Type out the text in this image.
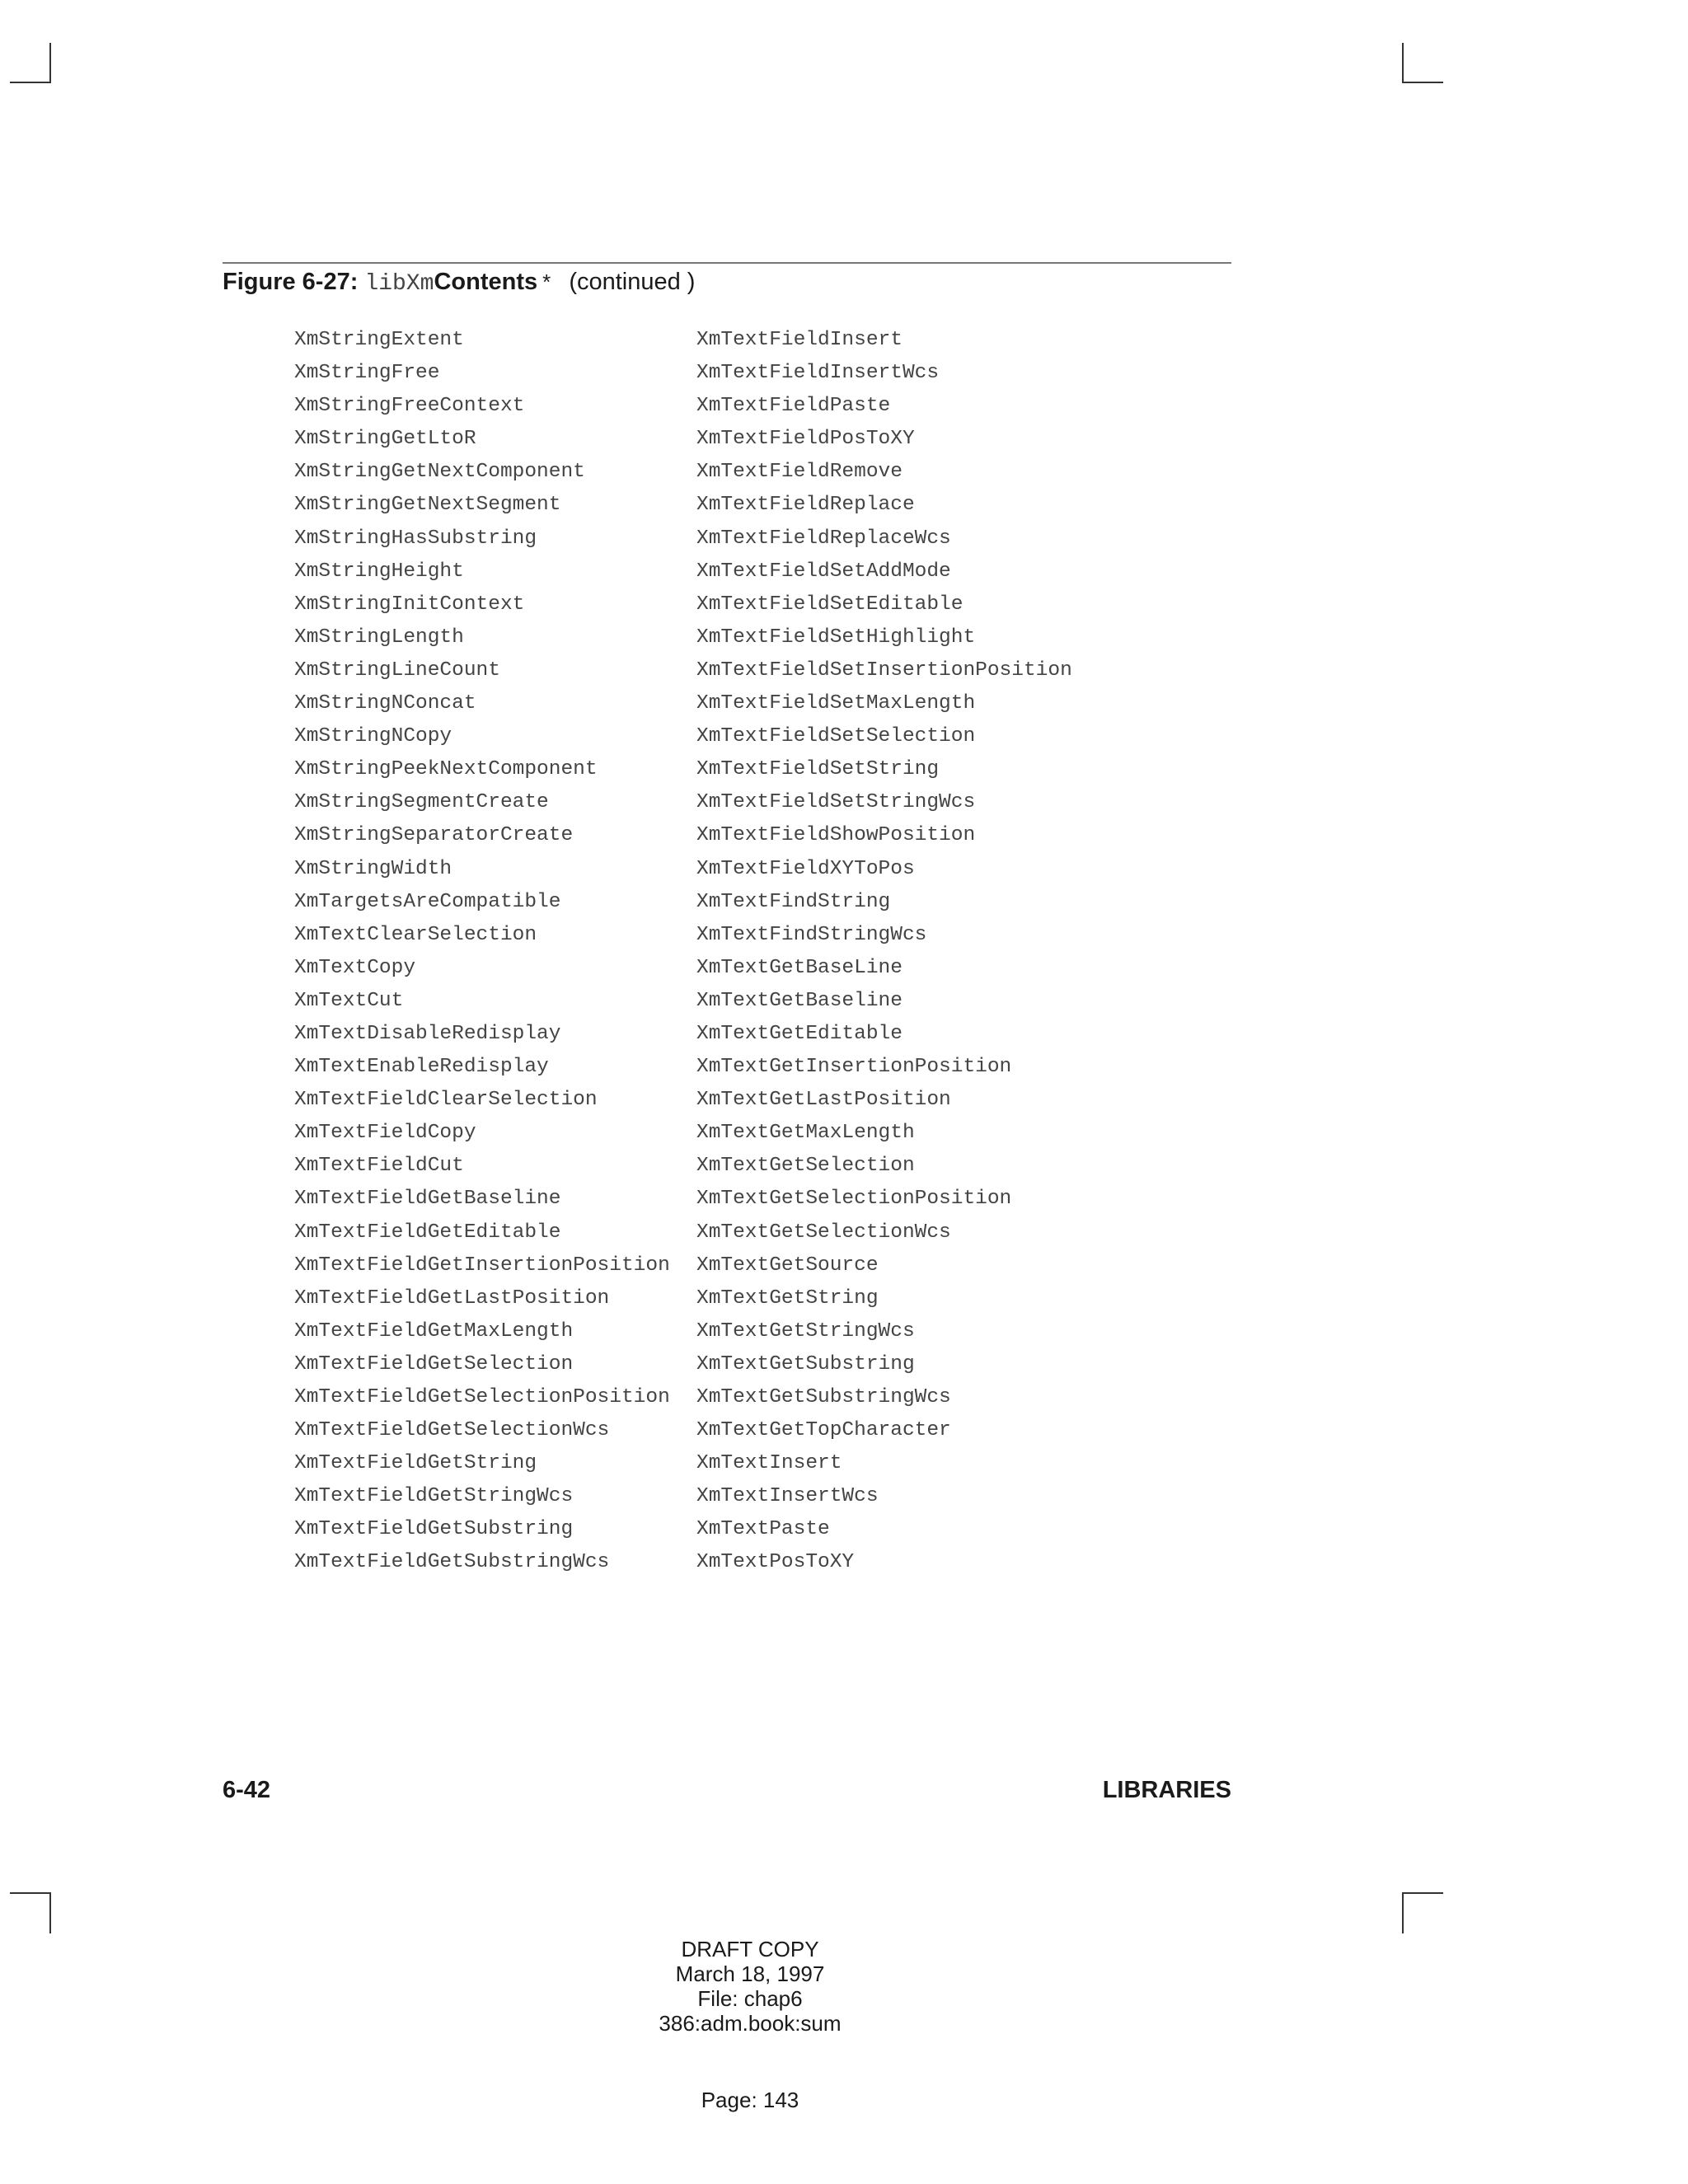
Figure 6-27: libXmContents * (continued )
XmStringExtent
XmStringFree
XmStringFreeContext
XmStringGetLtoR
XmStringGetNextComponent
XmStringGetNextSegment
XmStringHasSubstring
XmStringHeight
XmStringInitContext
XmStringLength
XmStringLineCount
XmStringNConcat
XmStringNCopy
XmStringPeekNextComponent
XmStringSegmentCreate
XmStringSeparatorCreate
XmStringWidth
XmTargetsAreCompatible
XmTextClearSelection
XmTextCopy
XmTextCut
XmTextDisableRedisplay
XmTextEnableRedisplay
XmTextFieldClearSelection
XmTextFieldCopy
XmTextFieldCut
XmTextFieldGetBaseline
XmTextFieldGetEditable
XmTextFieldGetInsertionPosition
XmTextFieldGetLastPosition
XmTextFieldGetMaxLength
XmTextFieldGetSelection
XmTextFieldGetSelectionPosition
XmTextFieldGetSelectionWcs
XmTextFieldGetString
XmTextFieldGetStringWcs
XmTextFieldGetSubstring
XmTextFieldGetSubstringWcs
XmTextFieldInsert
XmTextFieldInsertWcs
XmTextFieldPaste
XmTextFieldPosToXY
XmTextFieldRemove
XmTextFieldReplace
XmTextFieldReplaceWcs
XmTextFieldSetAddMode
XmTextFieldSetEditable
XmTextFieldSetHighlight
XmTextFieldSetInsertionPosition
XmTextFieldSetMaxLength
XmTextFieldSetSelection
XmTextFieldSetString
XmTextFieldSetStringWcs
XmTextFieldShowPosition
XmTextFieldXYToPos
XmTextFindString
XmTextFindStringWcs
XmTextGetBaseLine
XmTextGetBaseline
XmTextGetEditable
XmTextGetInsertionPosition
XmTextGetLastPosition
XmTextGetMaxLength
XmTextGetSelection
XmTextGetSelectionPosition
XmTextGetSelectionWcs
XmTextGetSource
XmTextGetString
XmTextGetStringWcs
XmTextGetSubstring
XmTextGetSubstringWcs
XmTextGetTopCharacter
XmTextInsert
XmTextInsertWcs
XmTextPaste
XmTextPosToXY
6-42	LIBRARIES
DRAFT COPY
March 18, 1997
File: chap6
386:adm.book:sum
Page: 143
